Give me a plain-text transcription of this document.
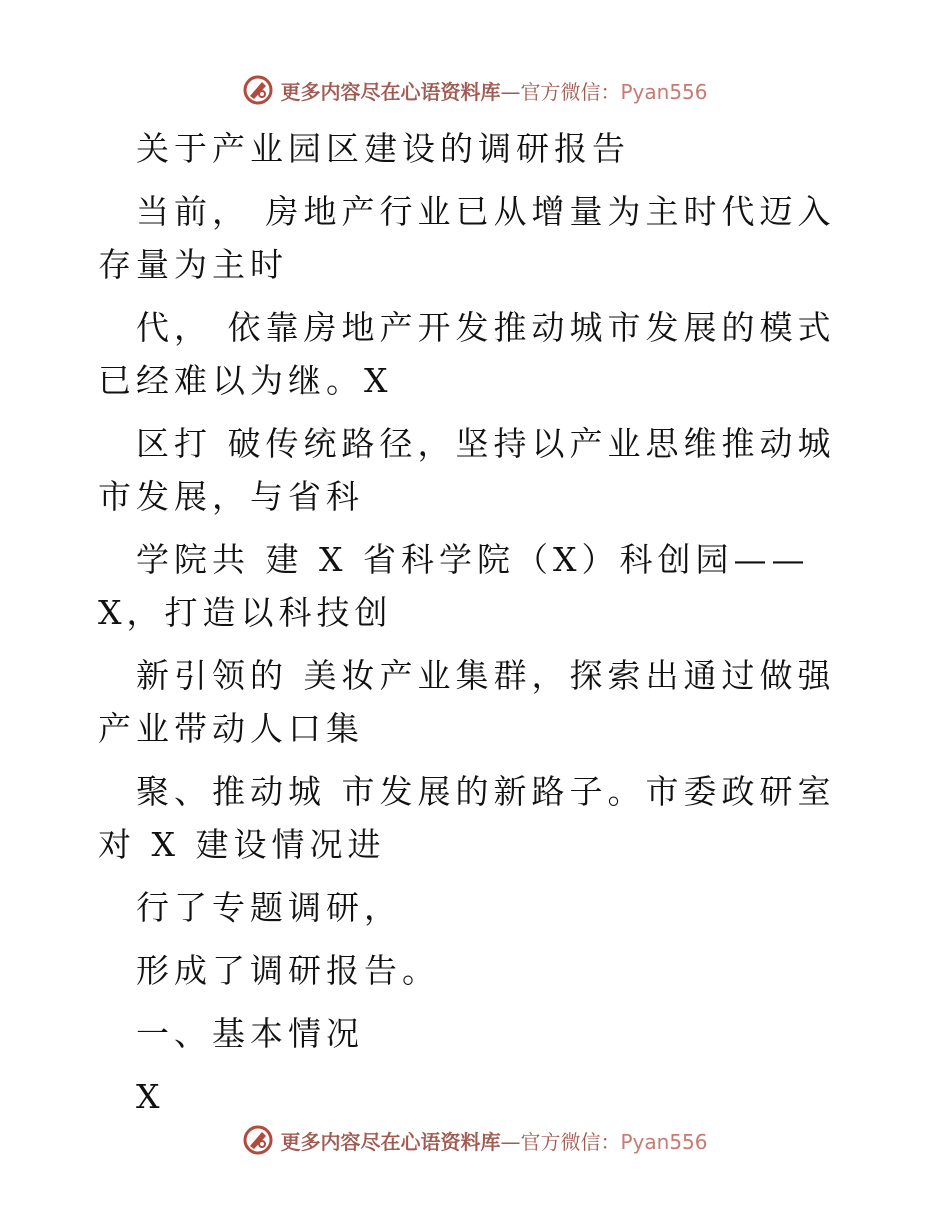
更多内容尽在心语资料库—官方微信：Pyan556

关于产业园区建设的调研报告

当前， 房地产行业已从增量为主时代迈入存量为主时

代， 依靠房地产开发推动城市发展的模式已经难以为继。X

区打 破传统路径，坚持以产业思维推动城市发展，与省科

学院共 建 X 省科学院（X）科创园——X，打造以科技创

新引领的 美妆产业集群，探索出通过做强产业带动人口集

聚、推动城 市发展的新路子。市委政研室对 X 建设情况进

行了专题调研，

形成了调研报告。

一、基本情况

X

更多内容尽在心语资料库—官方微信：Pyan556
